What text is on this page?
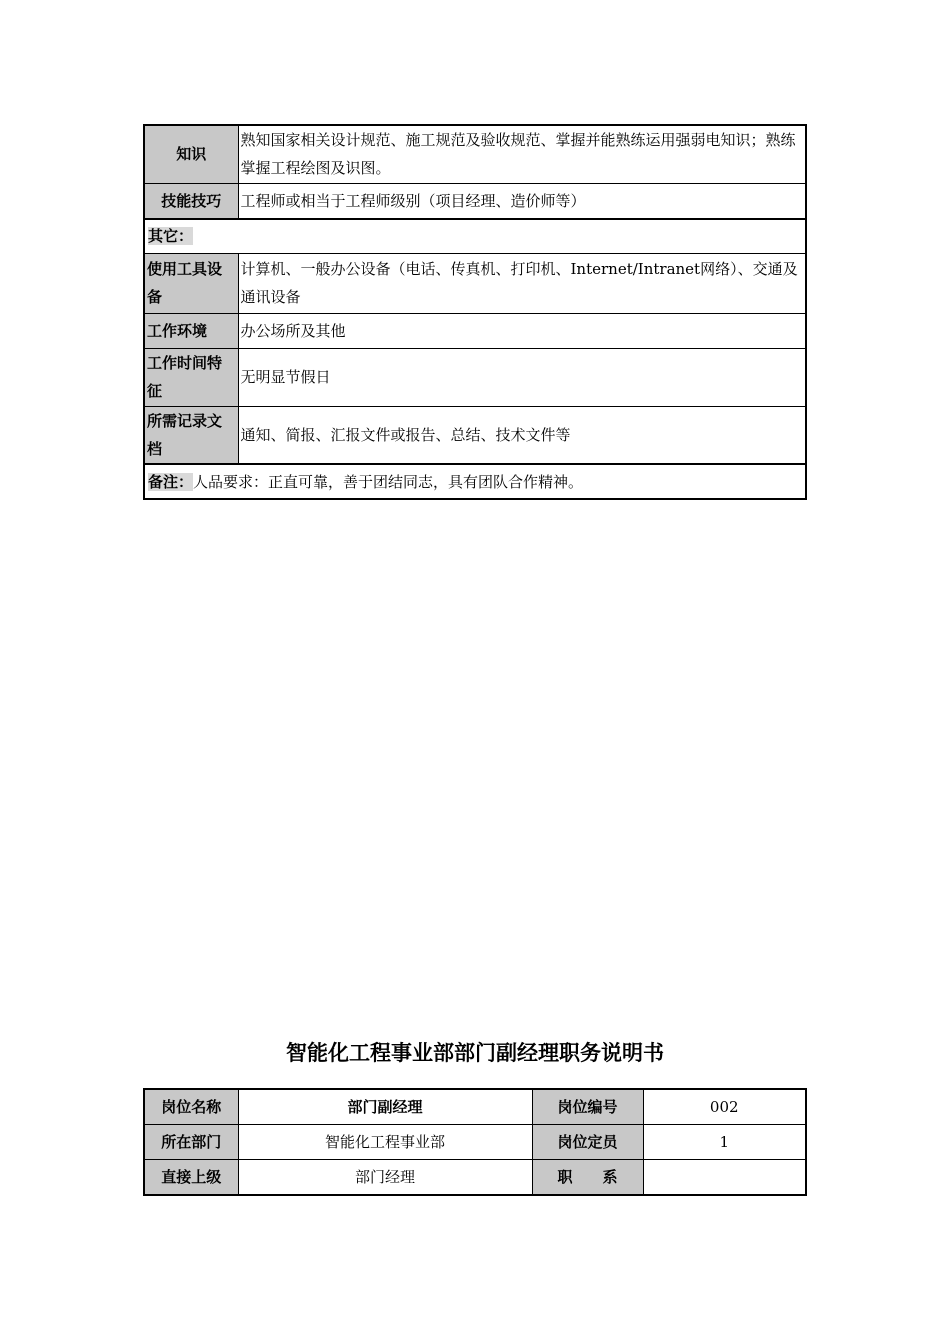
知识	熟知国家相关设计规范、施工规范及验收规范、掌握并能熟练运用强弱电知识；熟练掌握工程绘图及识图。
技能技巧	工程师或相当于工程师级别（项目经理、造价师等）
其它：	
使用工具设备	计算机、一般办公设备（电话、传真机、打印机、Internet/Intranet网络）、交通及通讯设备
工作环境	办公场所及其他
工作时间特征	无明显节假日
所需记录文档	通知、简报、汇报文件或报告、总结、技术文件等
备注：人品要求：正直可靠，善于团结同志，具有团队合作精神。	
智能化工程事业部部门副经理职务说明书
岗位名称	部门副经理	岗位编号	002
所在部门	智能化工程事业部	岗位定员	1
直接上级	部门经理	职　　系	
